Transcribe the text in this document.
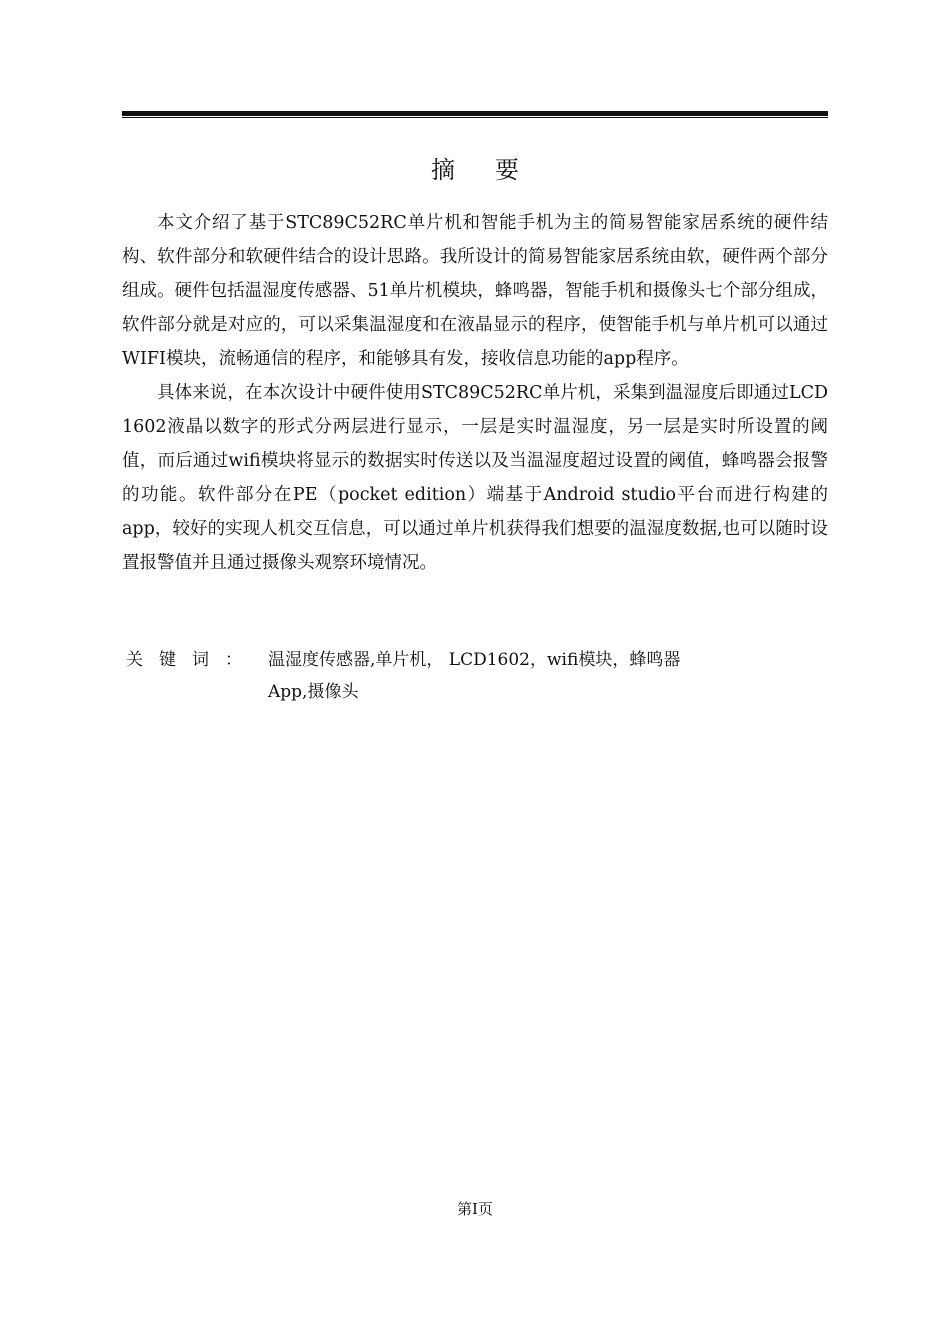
摘要

本文介绍了基于STC89C52RC单片机和智能手机为主的简易智能家居系统的硬件结构、软件部分和软硬件结合的设计思路。我所设计的简易智能家居系统由软，硬件两个部分组成。硬件包括温湿度传感器、51单片机模块，蜂鸣器，智能手机和摄像头七个部分组成，软件部分就是对应的，可以采集温湿度和在液晶显示的程序，使智能手机与单片机可以通过WIFI模块，流畅通信的程序，和能够具有发，接收信息功能的app程序。

具体来说，在本次设计中硬件使用STC89C52RC单片机，采集到温湿度后即通过LCD 1602液晶以数字的形式分两层进行显示，一层是实时温湿度，另一层是实时所设置的阈值，而后通过wifi模块将显示的数据实时传送以及当温湿度超过设置的阈值，蜂鸣器会报警的功能。软件部分在PE（pocket edition）端基于Android studio平台而进行构建的app，较好的实现人机交互信息，可以通过单片机获得我们想要的温湿度数据,也可以随时设置报警值并且通过摄像头观察环境情况。

关键词： 温湿度传感器,单片机， LCD1602，wifi模块，蜂鸣器
App,摄像头
第I页
